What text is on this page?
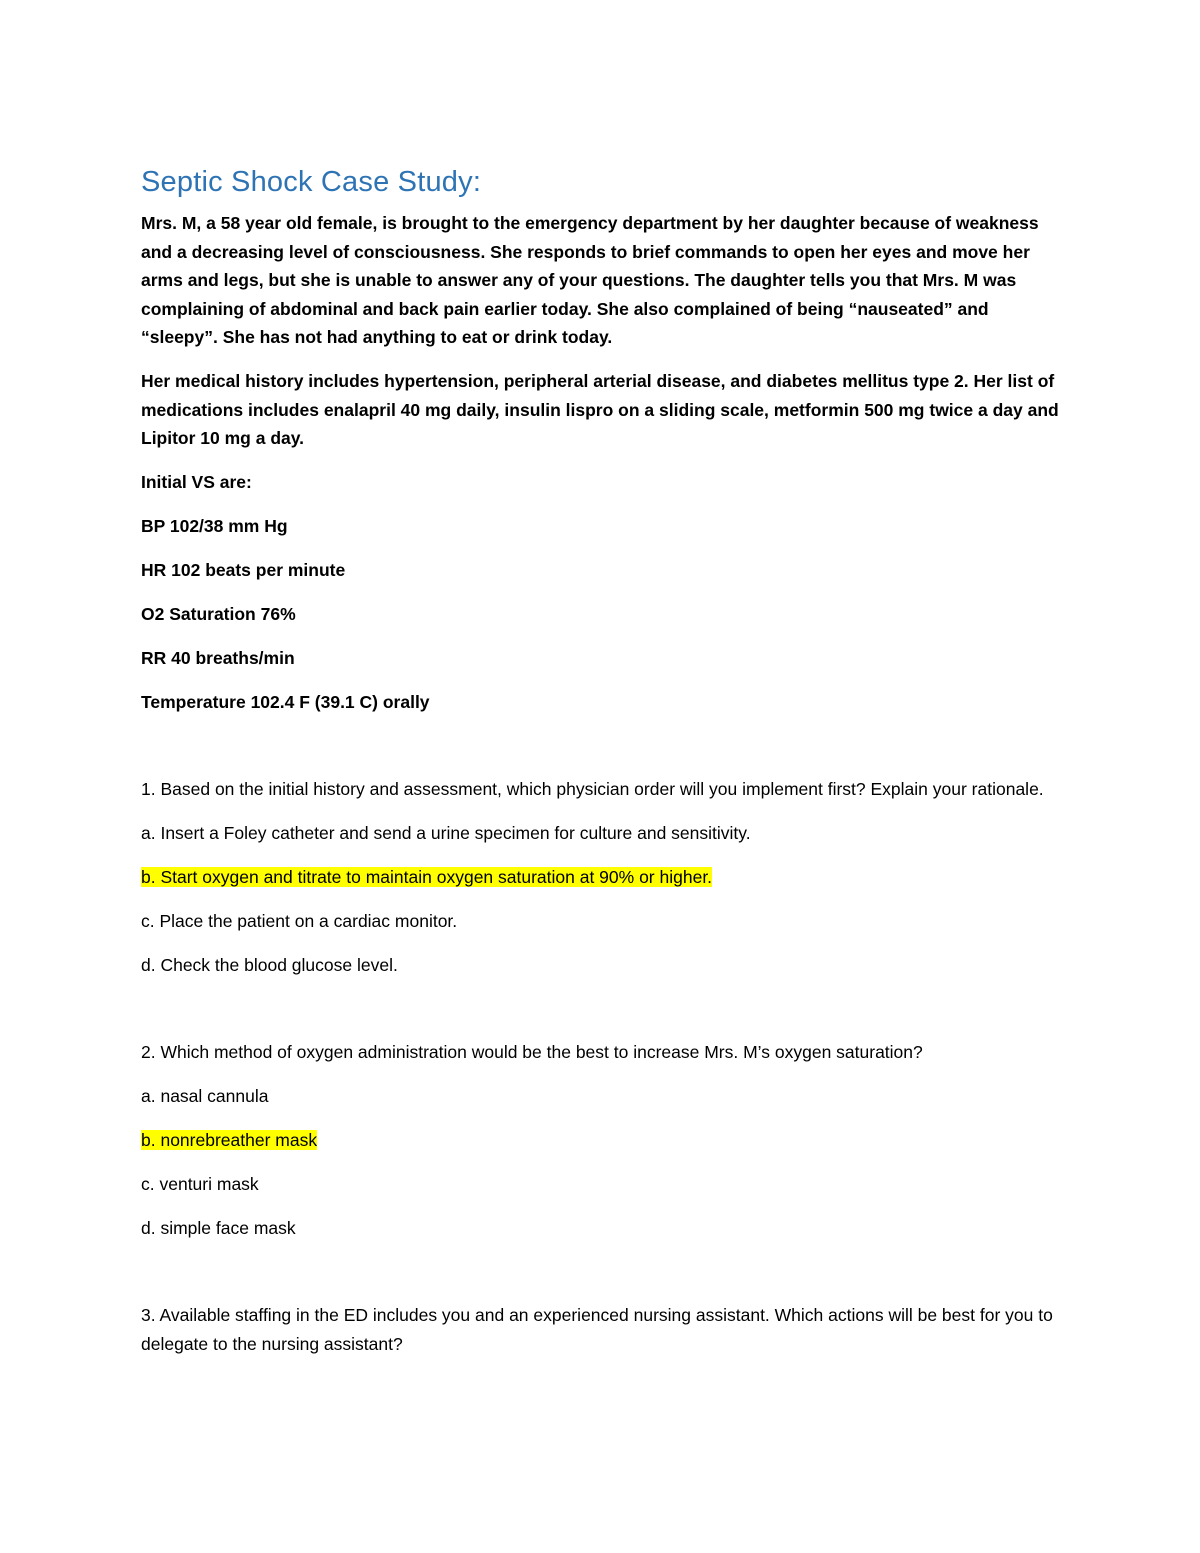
Septic Shock Case Study:

Mrs. M, a 58 year old female, is brought to the emergency department by her daughter because of weakness and a decreasing level of consciousness. She responds to brief commands to open her eyes and move her arms and legs, but she is unable to answer any of your questions. The daughter tells you that Mrs. M was complaining of abdominal and back pain earlier today. She also complained of being “nauseated” and “sleepy”. She has not had anything to eat or drink today.

Her medical history includes hypertension, peripheral arterial disease, and diabetes mellitus type 2. Her list of medications includes enalapril 40 mg daily, insulin lispro on a sliding scale, metformin 500 mg twice a day and Lipitor 10 mg a day.

Initial VS are:

BP 102/38 mm Hg

HR 102 beats per minute

O2 Saturation 76%

RR 40 breaths/min

Temperature 102.4 F (39.1 C) orally

1. Based on the initial history and assessment, which physician order will you implement first? Explain your rationale.

a. Insert a Foley catheter and send a urine specimen for culture and sensitivity.

b. Start oxygen and titrate to maintain oxygen saturation at 90% or higher.

c. Place the patient on a cardiac monitor.

d. Check the blood glucose level.

2. Which method of oxygen administration would be the best to increase Mrs. M’s oxygen saturation?

a. nasal cannula

b. nonrebreather mask

c. venturi mask

d. simple face mask

3. Available staffing in the ED includes you and an experienced nursing assistant. Which actions will be best for you to delegate to the nursing assistant?
